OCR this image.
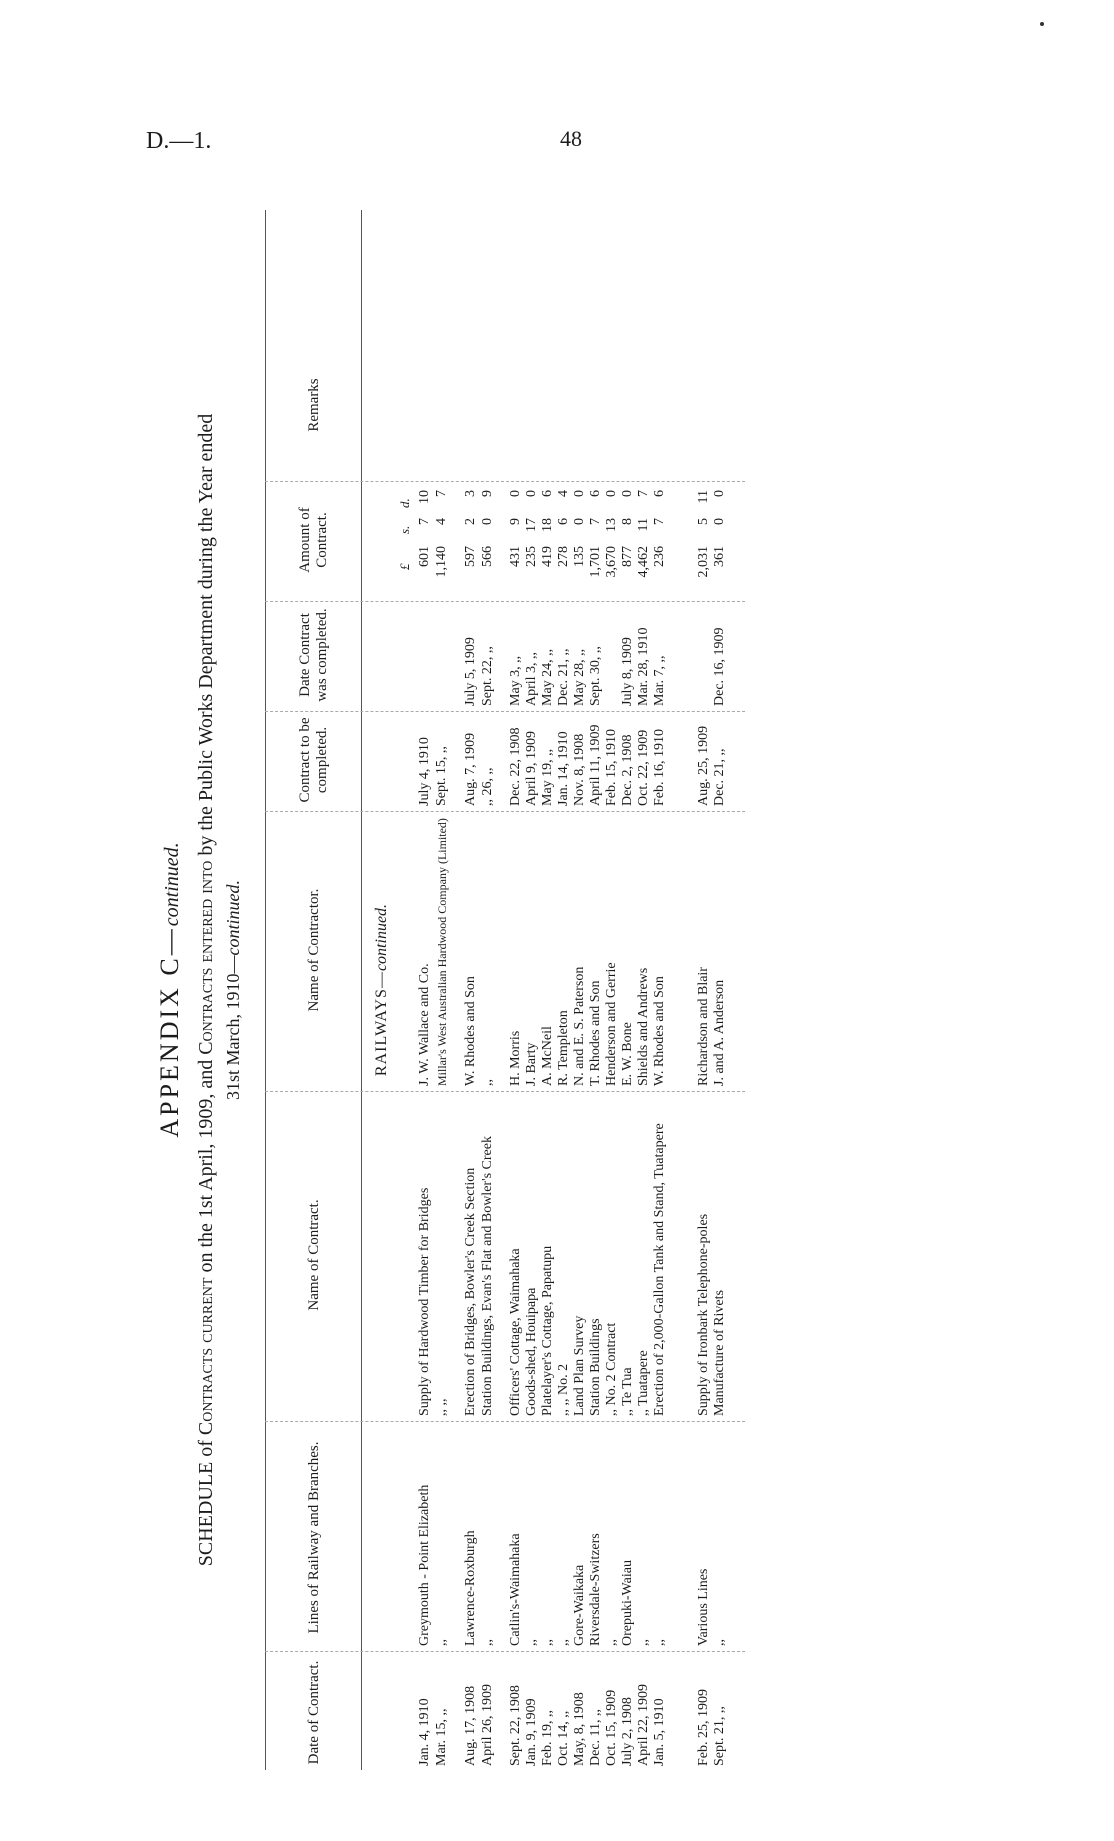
D.—1.	48
APPENDIX C—continued.
SCHEDULE of Contracts current on the 1st April, 1909, and Contracts entered into by the Public Works Department during the Year ended
31st March, 1910—continued.
Date of Contract.
Lines of Railway and Branches.
Name of Contract.
Name of Contractor.
Contract to be completed.
Date Contract was completed.
Amount of Contract.
Remarks
RAILWAYS—continued.
£
s.
d.
Jan. 4, 1910
Greymouth - Point Elizabeth
Supply of Hardwood Timber for Bridges
J. W. Wallace and Co.
July 4, 1910
601
7
10
Mar. 15, ,,
,,
,, ,,
Millar's West Australian Hardwood Company (Limited)
Sept. 15, ,,
1,140
4
7
Aug. 17, 1908
Lawrence-Roxburgh
Erection of Bridges, Bowler's Creek Section
W. Rhodes and Son
Aug. 7, 1909
July 5, 1909
597
2
3
April 26, 1909
,,
Station Buildings, Evan's Flat and Bowler's Creek
,,
,, 26, ,,
Sept. 22, ,,
566
0
9
Sept. 22, 1908
Catlin's-Waimahaka
Officers' Cottage, Waimahaka
H. Morris
Dec. 22, 1908
May 3, ,,
431
9
0
Jan. 9, 1909
,,
Goods-shed, Houipapa
J. Barty
April 9, 1909
April 3, ,,
235
17
0
Feb. 19, ,,
,,
Platelayer's Cottage, Papatupu
A. McNeil
May 19, ,,
May 24, ,,
419
18
6
Oct. 14, ,,
,,
,, ,, No. 2
R. Templeton
Jan. 14, 1910
Dec. 21, ,,
278
6
4
May, 8, 1908
Gore-Waikaka
Land Plan Survey
N. and E. S. Paterson
Nov. 8, 1908
May 28, ,,
135
0
0
Dec. 11, ,,
Riversdale-Switzers
Station Buildings
T. Rhodes and Son
April 11, 1909
Sept. 30, ,,
1,701
7
6
Oct. 15, 1909
,,
,, No. 2 Contract
Henderson and Gerrie
Feb. 15, 1910
3,670
13
0
July 2, 1908
Orepuki-Waiau
,, Te Tua
E. W. Bone
Dec. 2, 1908
July 8, 1909
877
8
0
April 22, 1909
,,
,, Tuatapere
Shields and Andrews
Oct. 22, 1909
Mar. 28, 1910
4,462
11
7
Jan. 5, 1910
,,
Erection of 2,000-Gallon Tank and Stand, Tuatapere
W. Rhodes and Son
Feb. 16, 1910
Mar. 7, ,,
236
7
6
Feb. 25, 1909
Various Lines
Supply of Ironbark Telephone-poles
Richardson and Blair
Aug. 25, 1909
2,031
5
11
Sept. 21, ,,
,,
Manufacture of Rivets
J. and A. Anderson
Dec. 21, ,,
Dec. 16, 1909
361
0
0
